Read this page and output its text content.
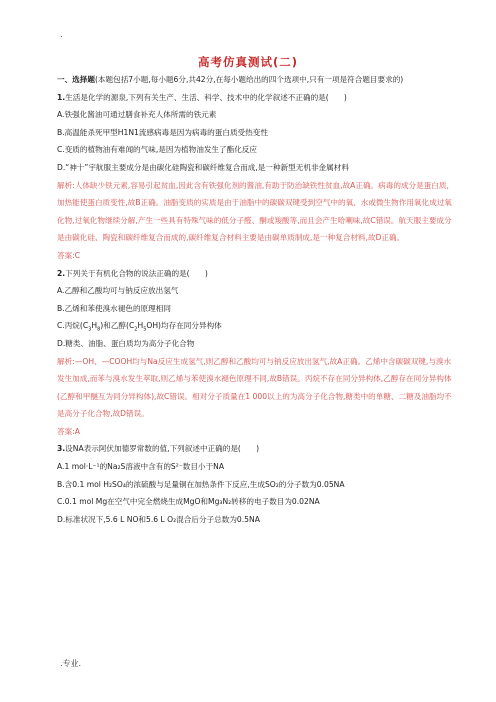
.
高考仿真测试(二)

一、选择题(本题包括7小题,每小题6分,共42分,在每小题给出的四个选项中,只有一项是符合题目要求的)

1.生活是化学的源泉,下列有关生产、生活、科学、技术中的化学叙述不正确的是(　　)

A.铁强化酱油可通过膳食补充人体所需的铁元素

B.高温能杀死甲型H1N1流感病毒是因为病毒的蛋白质受热变性

C.变质的植物油有难闻的气味,是因为植物油发生了酯化反应

D.“神十”宇航服主要成分是由碳化硅陶瓷和碳纤维复合而成,是一种新型无机非金属材料

解析:人体缺少铁元素,容易引起贫血,因此含有铁强化剂的酱油,有助于防治缺铁性贫血,故A正确。病毒的成分是蛋白质,加热能使蛋白质变性,故B正确。油脂变质的实质是由于油脂中的碳碳双键受到空气中的氧、水或微生物作用氧化成过氧化物,过氧化物继续分解,产生一些具有特殊气味的低分子醛、酮或羧酸等,而且会产生哈喇味,故C错误。航天服主要成分是由碳化硅、陶瓷和碳纤维复合而成的,碳纤维复合材料主要是由碳单质制成,是一种复合材料,故D正确。

答案:C

2.下列关于有机化合物的说法正确的是(　　)

A.乙醇和乙酸均可与钠反应放出氢气

B.乙烯和苯使溴水褪色的原理相同

C.丙烷$(C_3H_8)$和乙醇$(C_2H_5OH)$均存在同分异构体

D.糖类、油脂、蛋白质均为高分子化合物

解析:—OH、—COOH均与Na反应生成氢气,则乙醇和乙酸均可与钠反应放出氢气,故A正确。乙烯中含碳碳双键,与溴水发生加成,而苯与溴水发生萃取,则乙烯与苯使溴水褪色原理不同,故B错误。丙烷不存在同分异构体,乙醇存在同分异构体(乙醇和甲醚互为同分异构体),故C错误。相对分子质量在1 000以上的为高分子化合物,糖类中的单糖、二糖及油脂均不是高分子化合物,故D错误。

答案:A

3.设NA表示阿伏加德罗常数的值,下列叙述中正确的是(　　)

A.1 mol·L⁻¹的Na₂S溶液中含有的S²⁻数目小于NA

B.含0.1 mol H₂SO₄的浓硫酸与足量铜在加热条件下反应,生成SO₂的分子数为0.05NA

C.0.1 mol Mg在空气中完全燃烧生成MgO和Mg₃N₂转移的电子数目为0.02NA

D.标准状况下,5.6 L NO和5.6 L O₂混合后分子总数为0.5NA

.专业.
